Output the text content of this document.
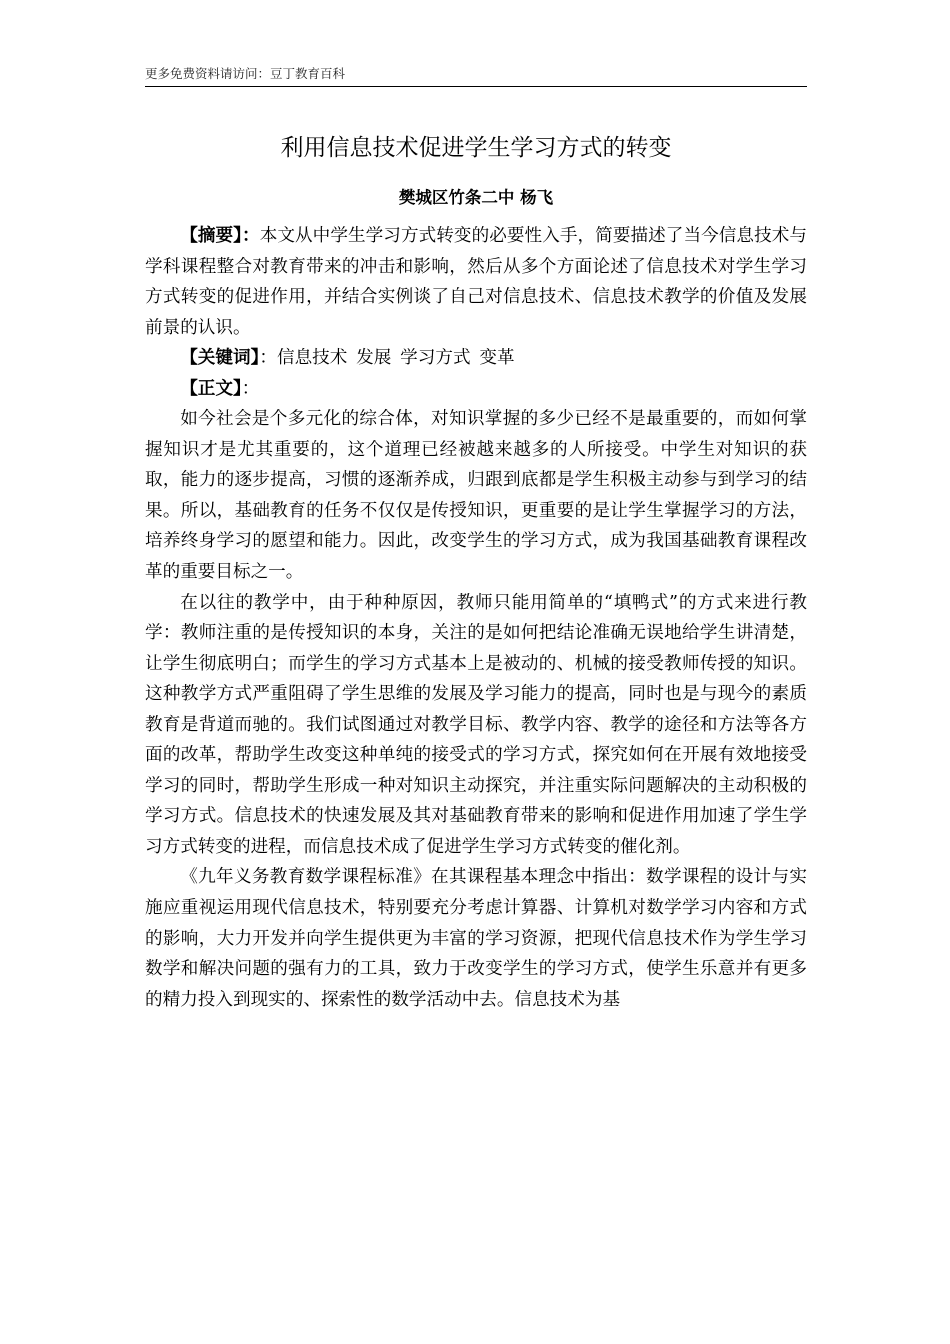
更多免费资料请访问：豆丁教育百科
利用信息技术促进学生学习方式的转变
樊城区竹条二中 杨飞

【摘要】：本文从中学生学习方式转变的必要性入手，简要描述了当今信息技术与学科课程整合对教育带来的冲击和影响，然后从多个方面论述了信息技术对学生学习方式转变的促进作用，并结合实例谈了自己对信息技术、信息技术教学的价值及发展前景的认识。

【关键词】：信息技术 发展 学习方式 变革

【正文】：

如今社会是个多元化的综合体，对知识掌握的多少已经不是最重要的，而如何掌握知识才是尤其重要的，这个道理已经被越来越多的人所接受。中学生对知识的获取，能力的逐步提高，习惯的逐渐养成，归跟到底都是学生积极主动参与到学习的结果。所以，基础教育的任务不仅仅是传授知识，更重要的是让学生掌握学习的方法，培养终身学习的愿望和能力。因此，改变学生的学习方式，成为我国基础教育课程改革的重要目标之一。

在以往的教学中，由于种种原因，教师只能用简单的“填鸭式”的方式来进行教学：教师注重的是传授知识的本身，关注的是如何把结论准确无误地给学生讲清楚，让学生彻底明白；而学生的学习方式基本上是被动的、机械的接受教师传授的知识。这种教学方式严重阻碍了学生思维的发展及学习能力的提高，同时也是与现今的素质教育是背道而驰的。我们试图通过对教学目标、教学内容、教学的途径和方法等各方面的改革，帮助学生改变这种单纯的接受式的学习方式，探究如何在开展有效地接受学习的同时，帮助学生形成一种对知识主动探究，并注重实际问题解决的主动积极的学习方式。信息技术的快速发展及其对基础教育带来的影响和促进作用加速了学生学习方式转变的进程，而信息技术成了促进学生学习方式转变的催化剂。

《九年义务教育数学课程标准》在其课程基本理念中指出：数学课程的设计与实施应重视运用现代信息技术，特别要充分考虑计算器、计算机对数学学习内容和方式的影响，大力开发并向学生提供更为丰富的学习资源，把现代信息技术作为学生学习数学和解决问题的强有力的工具，致力于改变学生的学习方式，使学生乐意并有更多的精力投入到现实的、探索性的数学活动中去。信息技术为基
